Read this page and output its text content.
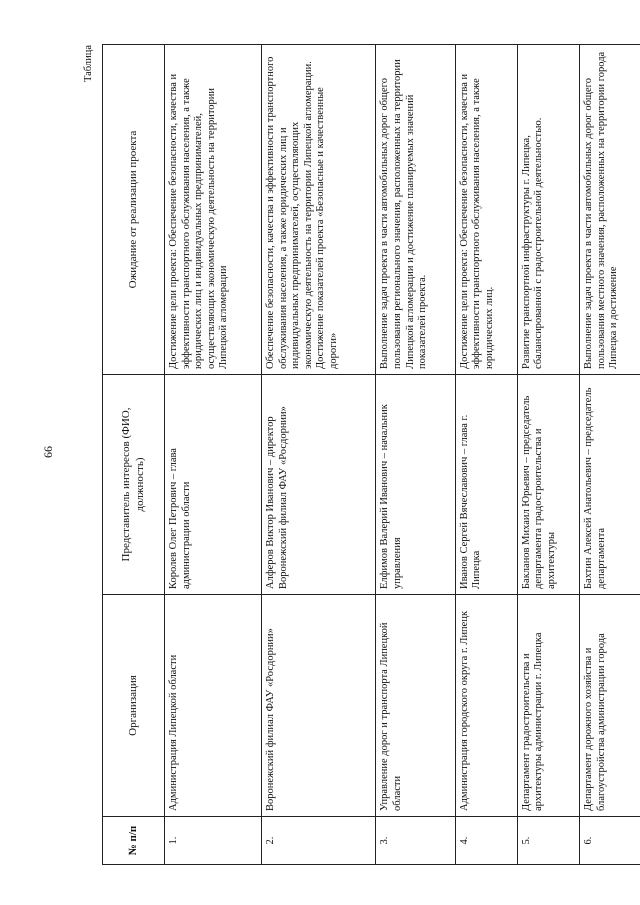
66
Таблица
№ п/п	Организация	Представитель интересов (ФИО, должность)	Ожидание от реализации проекта
1.	Администрация Липецкой области	Королев Олег Петрович – глава администрации области	Достижение цели проекта: Обеспечение безопасности, качества и эффективности транспортного обслуживания населения, а также юридических лиц и индивидуальных предпринимателей, осуществляющих экономическую деятельность на территории Липецкой агломерации
2.	Воронежский филиал ФАУ «Росдорнии»	Алферов Виктор Иванович – директор Воронежский филиал ФАУ «Росдорнии»	Обеспечение безопасности, качества и эффективности транспортного обслуживания населения, а также юридических лиц и индивидуальных предпринимателей, осуществляющих экономическую деятельность на территории Липецкой агломерации. Достижение показателей проекта «Безопасные и качественные дороги»
3.	Управление дорог и транспорта Липецкой области	Елфимов Валерий Иванович – начальник управления	Выполнение задач проекта в части автомобильных дорог общего пользования регионального значения, расположенных на территории Липецкой агломерации и достижение планируемых значений показателей проекта.
4.	Администрация городского округа г. Липецк	Иванов Сергей Вячеславович – глава г. Липецка	Достижение цели проекта: Обеспечение безопасности, качества и эффективности транспортного обслуживания населения, а также юридических лиц.
5.	Департамент градостроительства и архитектуры администрации г. Липецка	Бакланов Михаил Юрьевич – председатель департамента градостроительства и архитектуры	Развитие транспортной инфраструктуры г. Липецка, сбалансированной с градостроительной деятельностью.
6.	Департамент дорожного хозяйства и благоустройства администрации города	Бахтин Алексей Анатольевич – председатель департамента	Выполнение задач проекта в части автомобильных дорог общего пользования местного значения, расположенных на территории города Липецка и достижение
